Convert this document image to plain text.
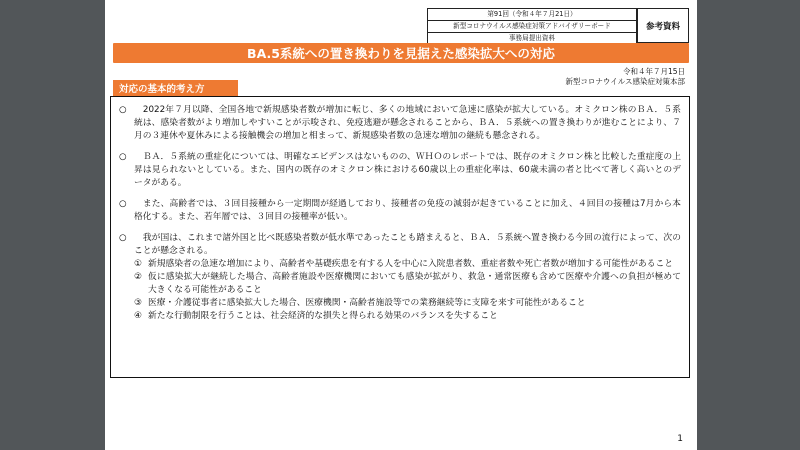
第91回（令和４年７月21日）
新型コロナウイルス感染症対策アドバイザリーボード
事務局提出資料
参考資料
BA.5系統への置き換わりを見据えた感染拡大への対応
令和４年７月15日
新型コロナウイルス感染症対策本部
対応の基本的考え方
○ 　2022年７月以降、全国各地で新規感染者数が増加に転じ、多くの地域において急速に感染が拡大している。オミクロン株のＢＡ．５系統は、感染者数がより増加しやすいことが示唆され、免疫逃避が懸念されることから、ＢＡ．５系統への置き換わりが進むことにより、７月の３連休や夏休みによる接触機会の増加と相まって、新規感染者数の急速な増加の継続も懸念される。
○ 　ＢＡ．５系統の重症化については、明確なエビデンスはないものの、ＷＨＯのレポートでは、既存のオミクロン株と比較した重症度の上昇は見られないとしている。また、国内の既存のオミクロン株における60歳以上の重症化率は、60歳未満の者と比べて著しく高いとのデータがある。
○ 　また、高齢者では、３回目接種から一定期間が経過しており、接種者の免疫の減弱が起きていることに加え、４回目の接種は7月から本格化する。また、若年層では、３回目の接種率が低い。
○ 　我が国は、これまで諸外国と比べ既感染者数が低水準であったことも踏まえると、ＢＡ．５系統へ置き換わる今回の流行によって、次のことが懸念される。
① 新規感染者の急速な増加により、高齢者や基礎疾患を有する人を中心に入院患者数、重症者数や死亡者数が増加する可能性があること
② 仮に感染拡大が継続した場合、高齢者施設や医療機関においても感染が拡がり、救急・通常医療も含めて医療や介護への負担が極めて大きくなる可能性があること
③ 医療・介護従事者に感染拡大した場合、医療機関・高齢者施設等での業務継続等に支障を来す可能性があること
④ 新たな行動制限を行うことは、社会経済的な損失と得られる効果のバランスを失すること
1
